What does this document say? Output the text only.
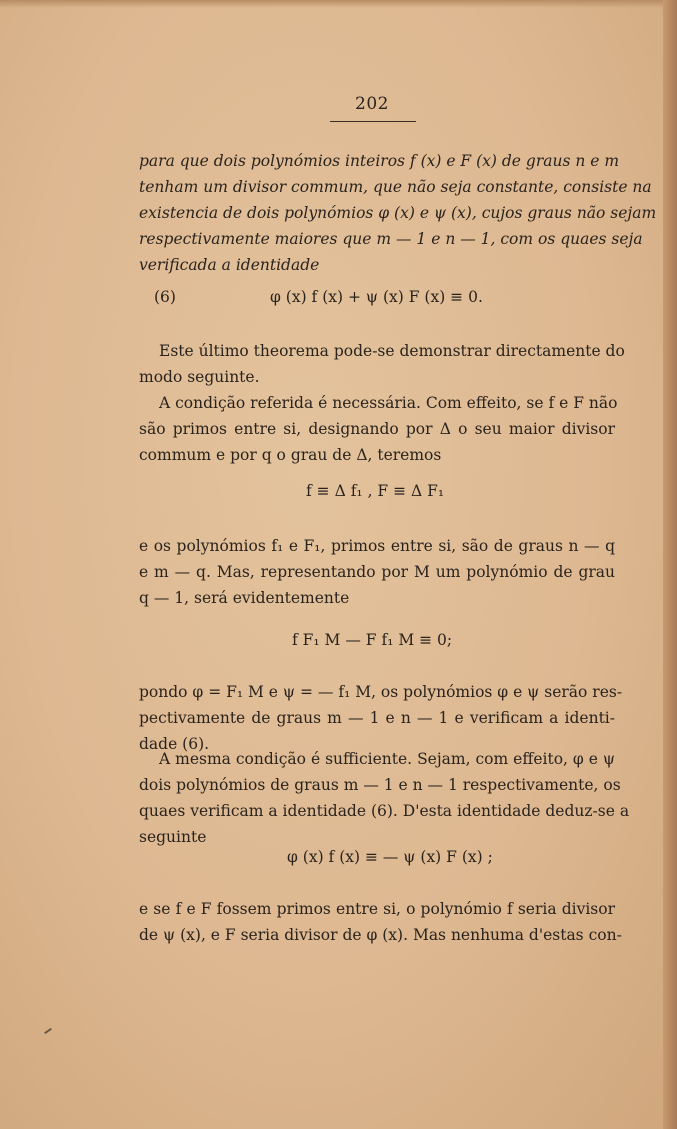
202
para que dois polynómios inteiros f (x) e F (x) de graus n e m
tenham um divisor commum, que não seja constante, consiste na
existencia de dois polynómios φ (x) e ψ (x), cujos graus não sejam
respectivamente maiores que m — 1 e n — 1, com os quaes seja
verificada a identidade
(6)	φ (x) f (x) + ψ (x) F (x) ≡ 0.
Este último theorema pode-se demonstrar directamente do
modo seguinte.
A condição referida é necessária. Com effeito, se f e F não
são primos entre si, designando por Δ o seu maior divisor
commum e por q o grau de Δ, teremos
f ≡ Δ f₁ , F ≡ Δ F₁
e os polynómios f₁ e F₁, primos entre si, são de graus n — q
e m — q. Mas, representando por M um polynómio de grau
q — 1, será evidentemente
f F₁ M — F f₁ M ≡ 0;
pondo φ = F₁ M e ψ = — f₁ M, os polynómios φ e ψ serão res-
pectivamente de graus m — 1 e n — 1 e verificam a identi-
dade (6).
A mesma condição é sufficiente. Sejam, com effeito, φ e ψ
dois polynómios de graus m — 1 e n — 1 respectivamente, os
quaes verificam a identidade (6). D'esta identidade deduz-se a
seguinte
φ (x) f (x) ≡ — ψ (x) F (x) ;
e se f e F fossem primos entre si, o polynómio f seria divisor
de ψ (x), e F seria divisor de φ (x). Mas nenhuma d'estas con-
